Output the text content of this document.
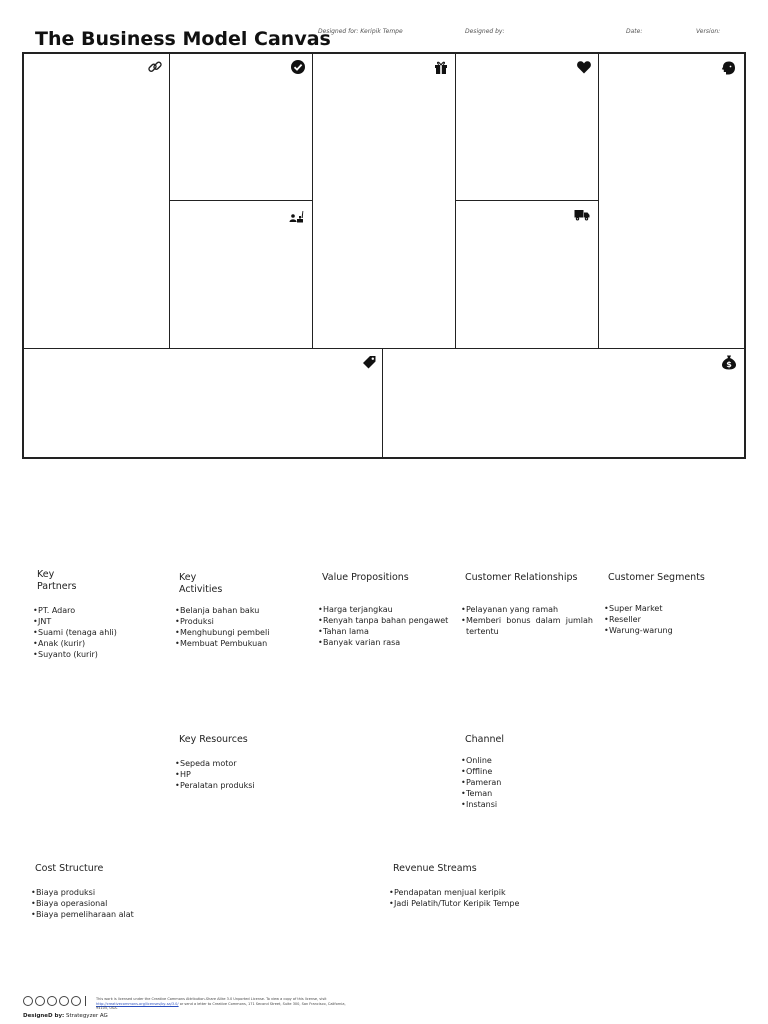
The Business Model Canvas
Designed for: Keripik Tempe	Designed by:	Date:	Version:
$
Key
Partners
• PT. Adaro
• JNT
• Suami (tenaga ahli)
• Anak (kurir)
• Suyanto (kurir)
Key
Activities
• Belanja bahan baku
• Produksi
• Menghubungi pembeli
• Membuat Pembukuan
Value Propositions
• Harga terjangkau
• Renyah tanpa bahan pengawet
• Tahan lama
• Banyak varian rasa
Customer Relationships
• Pelayanan yang ramah
• Memberi bonus dalam jumlah tertentu
Customer Segments
• Super Market
• Reseller
• Warung-warung
Key Resources
• Sepeda motor
• HP
• Peralatan produksi
Channel
• Online
• Offline
• Pameran
• Teman
• Instansi
Cost Structure
• Biaya produksi
• Biaya operasional
• Biaya pemeliharaan alat
Revenue Streams
• Pendapatan menjual keripik
• Jadi Pelatih/Tutor Keripik Tempe
This work is licensed under the Creative Commons Attribution-Share Alike 3.0 Unported License. To view a copy of this license, visit http://creativecommons.org/licenses/by-sa/3.0/ or send a letter to Creative Commons, 171 Second Street, Suite 300, San Francisco, California, 94105, USA.
DesigneD by: Strategyzer AG
